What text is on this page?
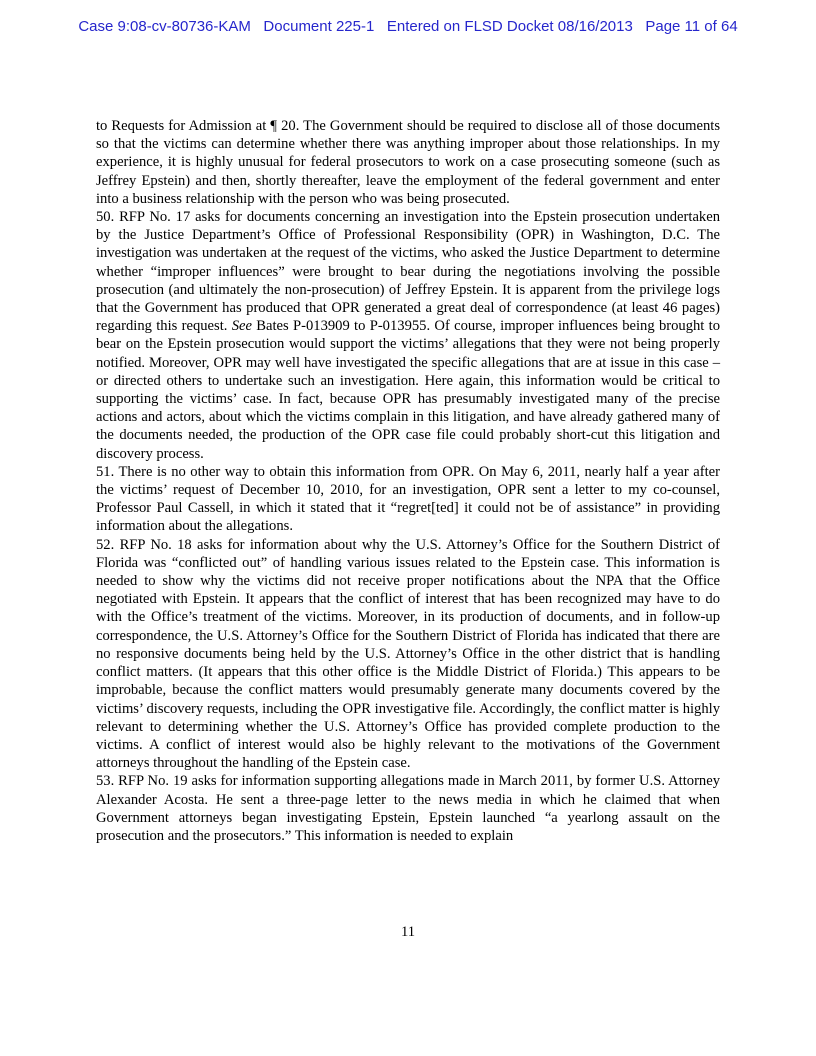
Case 9:08-cv-80736-KAM Document 225-1 Entered on FLSD Docket 08/16/2013 Page 11 of 64

to Requests for Admission at ¶ 20. The Government should be required to disclose all of those documents so that the victims can determine whether there was anything improper about those relationships. In my experience, it is highly unusual for federal prosecutors to work on a case prosecuting someone (such as Jeffrey Epstein) and then, shortly thereafter, leave the employment of the federal government and enter into a business relationship with the person who was being prosecuted.

50. RFP No. 17 asks for documents concerning an investigation into the Epstein prosecution undertaken by the Justice Department’s Office of Professional Responsibility (OPR) in Washington, D.C. The investigation was undertaken at the request of the victims, who asked the Justice Department to determine whether “improper influences” were brought to bear during the negotiations involving the possible prosecution (and ultimately the non-prosecution) of Jeffrey Epstein. It is apparent from the privilege logs that the Government has produced that OPR generated a great deal of correspondence (at least 46 pages) regarding this request. See Bates P-013909 to P-013955. Of course, improper influences being brought to bear on the Epstein prosecution would support the victims’ allegations that they were not being properly notified. Moreover, OPR may well have investigated the specific allegations that are at issue in this case – or directed others to undertake such an investigation. Here again, this information would be critical to supporting the victims’ case. In fact, because OPR has presumably investigated many of the precise actions and actors, about which the victims complain in this litigation, and have already gathered many of the documents needed, the production of the OPR case file could probably short-cut this litigation and discovery process.

51. There is no other way to obtain this information from OPR. On May 6, 2011, nearly half a year after the victims’ request of December 10, 2010, for an investigation, OPR sent a letter to my co-counsel, Professor Paul Cassell, in which it stated that it “regret[ted] it could not be of assistance” in providing information about the allegations.

52. RFP No. 18 asks for information about why the U.S. Attorney’s Office for the Southern District of Florida was “conflicted out” of handling various issues related to the Epstein case. This information is needed to show why the victims did not receive proper notifications about the NPA that the Office negotiated with Epstein. It appears that the conflict of interest that has been recognized may have to do with the Office’s treatment of the victims. Moreover, in its production of documents, and in follow-up correspondence, the U.S. Attorney’s Office for the Southern District of Florida has indicated that there are no responsive documents being held by the U.S. Attorney’s Office in the other district that is handling conflict matters. (It appears that this other office is the Middle District of Florida.) This appears to be improbable, because the conflict matters would presumably generate many documents covered by the victims’ discovery requests, including the OPR investigative file. Accordingly, the conflict matter is highly relevant to determining whether the U.S. Attorney’s Office has provided complete production to the victims. A conflict of interest would also be highly relevant to the motivations of the Government attorneys throughout the handling of the Epstein case.

53. RFP No. 19 asks for information supporting allegations made in March 2011, by former U.S. Attorney Alexander Acosta. He sent a three-page letter to the news media in which he claimed that when Government attorneys began investigating Epstein, Epstein launched “a yearlong assault on the prosecution and the prosecutors.” This information is needed to explain

11
